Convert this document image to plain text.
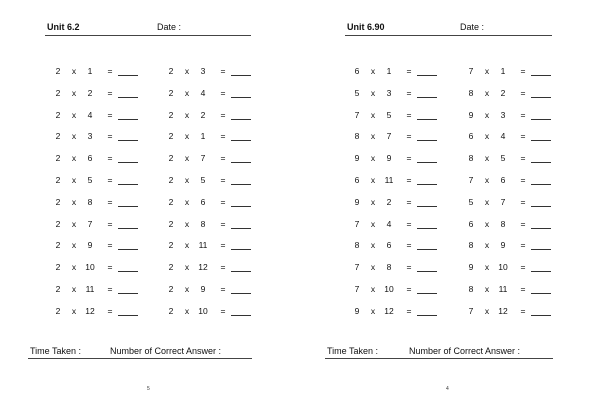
Unit 6.2	Date :
2	x	1	=
2	x	2	=
2	x	4	=
2	x	3	=
2	x	6	=
2	x	5	=
2	x	8	=
2	x	7	=
2	x	9	=
2	x	10	=
2	x	11	=
2	x	12	=
2	x	3	=
2	x	4	=
2	x	2	=
2	x	1	=
2	x	7	=
2	x	5	=
2	x	6	=
2	x	8	=
2	x	11	=
2	x	12	=
2	x	9	=
2	x	10	=
Time Taken :	Number of Correct Answer :
5
Unit 6.90	Date :
6	x	1	=
5	x	3	=
7	x	5	=
8	x	7	=
9	x	9	=
6	x	11	=
9	x	2	=
7	x	4	=
8	x	6	=
7	x	8	=
7	x	10	=
9	x	12	=
7	x	1	=
8	x	2	=
9	x	3	=
6	x	4	=
8	x	5	=
7	x	6	=
5	x	7	=
6	x	8	=
8	x	9	=
9	x	10	=
8	x	11	=
7	x	12	=
Time Taken :	Number of Correct Answer :
4
